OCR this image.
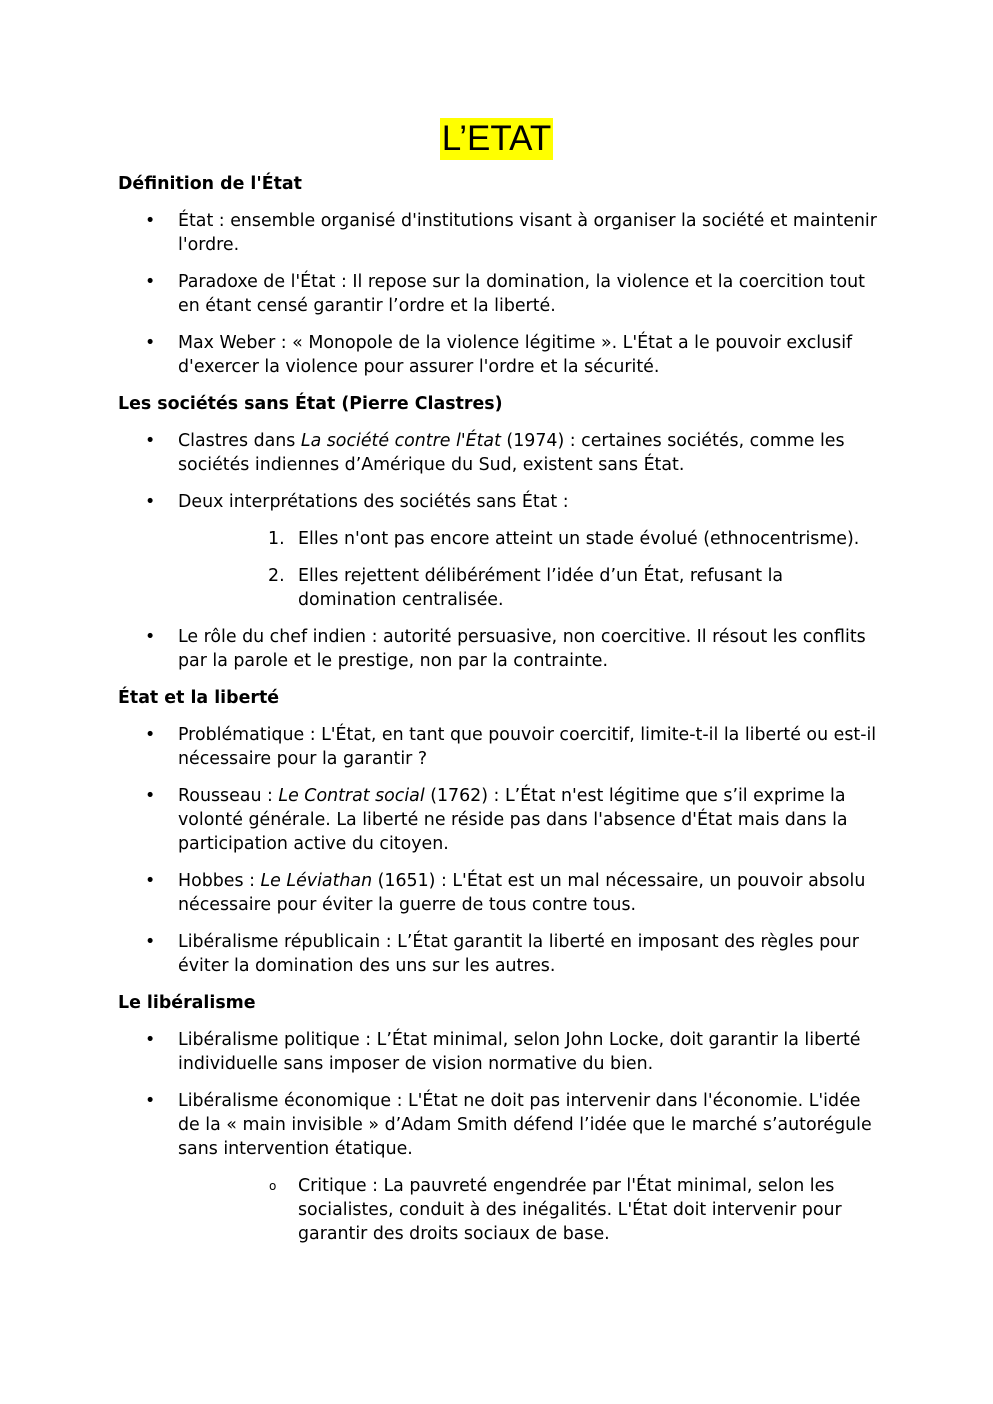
L’ETAT
Définition de l'État
• État : ensemble organisé d'institutions visant à organiser la société et maintenir l'ordre.
• Paradoxe de l'État : Il repose sur la domination, la violence et la coercition tout en étant censé garantir l’ordre et la liberté.
• Max Weber : « Monopole de la violence légitime ». L'État a le pouvoir exclusif d'exercer la violence pour assurer l'ordre et la sécurité.
Les sociétés sans État (Pierre Clastres)
• Clastres dans La société contre l'État (1974) : certaines sociétés, comme les sociétés indiennes d’Amérique du Sud, existent sans État.
• Deux interprétations des sociétés sans État :
1. Elles n'ont pas encore atteint un stade évolué (ethnocentrisme).
2. Elles rejettent délibérément l’idée d’un État, refusant la domination centralisée.
• Le rôle du chef indien : autorité persuasive, non coercitive. Il résout les conflits par la parole et le prestige, non par la contrainte.
État et la liberté
• Problématique : L'État, en tant que pouvoir coercitif, limite-t-il la liberté ou est-il nécessaire pour la garantir ?
• Rousseau : Le Contrat social (1762) : L’État n'est légitime que s’il exprime la volonté générale. La liberté ne réside pas dans l'absence d'État mais dans la participation active du citoyen.
• Hobbes : Le Léviathan (1651) : L'État est un mal nécessaire, un pouvoir absolu nécessaire pour éviter la guerre de tous contre tous.
• Libéralisme républicain : L’État garantit la liberté en imposant des règles pour éviter la domination des uns sur les autres.
Le libéralisme
• Libéralisme politique : L’État minimal, selon John Locke, doit garantir la liberté individuelle sans imposer de vision normative du bien.
• Libéralisme économique : L'État ne doit pas intervenir dans l'économie. L'idée de la « main invisible » d’Adam Smith défend l’idée que le marché s’autorégule sans intervention étatique.
o Critique : La pauvreté engendrée par l'État minimal, selon les socialistes, conduit à des inégalités. L'État doit intervenir pour garantir des droits sociaux de base.
